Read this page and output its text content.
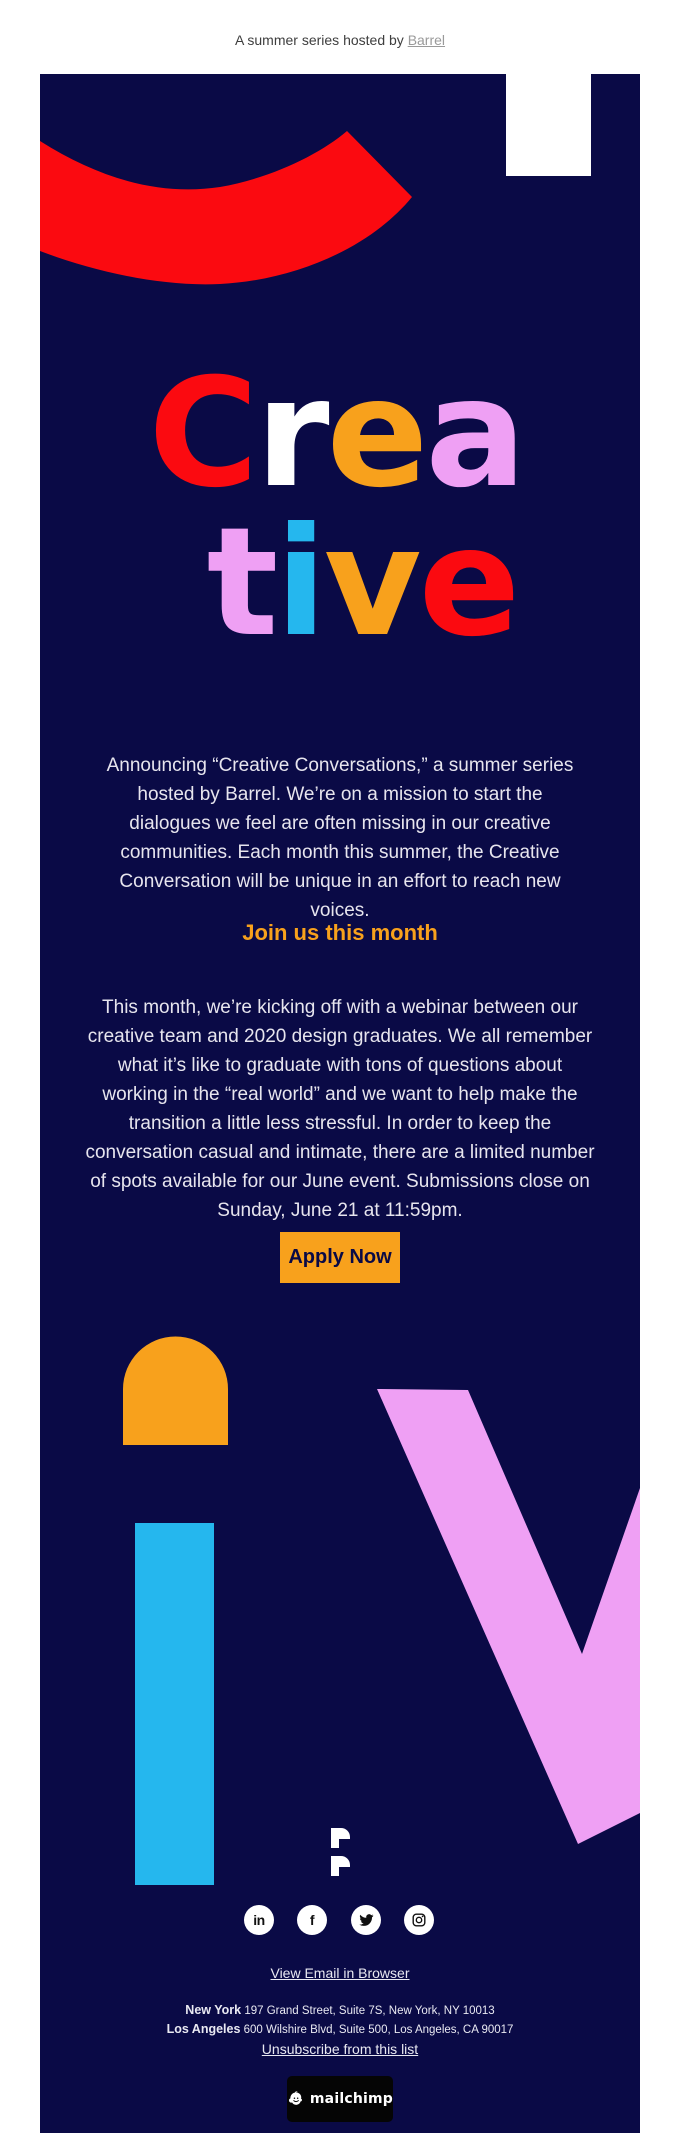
A summer series hosted by Barrel
Crea
tive

Announcing “Creative Conversations,” a summer series hosted by Barrel. We’re on a mission to start the dialogues we feel are often missing in our creative communities. Each month this summer, the Creative Conversation will be unique in an effort to reach new voices.

Join us this month

This month, we’re kicking off with a webinar between our creative team and 2020 design graduates. We all remember what it’s like to graduate with tons of questions about working in the “real world” and we want to help make the transition a little less stressful. In order to keep the conversation casual and intimate, there are a limited number of spots available for our June event. Submissions close on Sunday, June 21 at 11:59pm.

Apply Now
in	f
View Email in Browser
New York 197 Grand Street, Suite 7S, New York, NY 10013
Los Angeles 600 Wilshire Blvd, Suite 500, Los Angeles, CA 90017
Unsubscribe from this list
mailchimp
